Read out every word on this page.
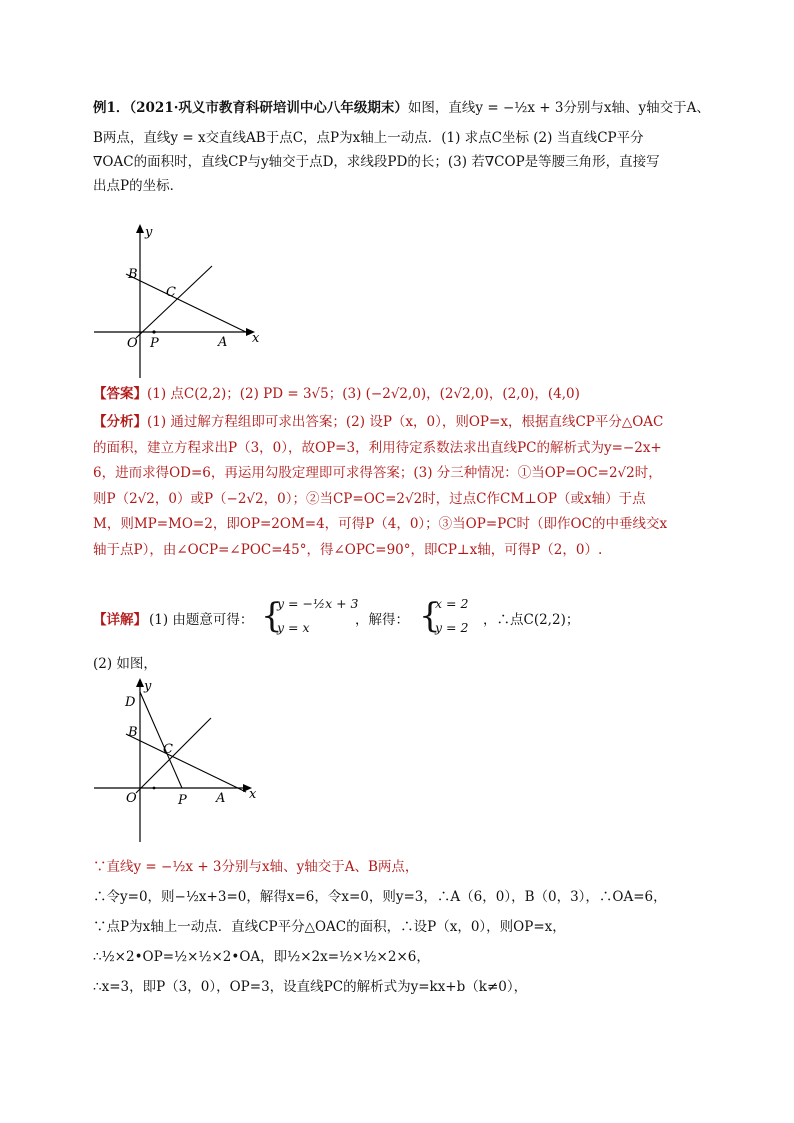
例1．（2021·巩义市教育科研培训中心八年级期末）如图，直线y = −½x + 3分别与x轴、y轴交于A、
B两点，直线y = x交直线AB于点C，点P为x轴上一动点．(1) 求点C坐标 (2) 当直线CP平分
∇OAC的面积时，直线CP与y轴交于点D，求线段PD的长；(3) 若∇COP是等腰三角形，直接写
出点P的坐标．
y
x
B
C
O P	A
【答案】(1) 点C(2,2)；(2) PD = 3√5；(3) (−2√2,0)，(2√2,0)，(2,0)，(4,0)
【分析】(1) 通过解方程组即可求出答案；(2) 设P（x，0），则OP=x，根据直线CP平分△OAC
的面积，建立方程求出P（3，0），故OP=3，利用待定系数法求出直线PC的解析式为y=−2x+
6，进而求得OD=6，再运用勾股定理即可求得答案；(3) 分三种情况：①当OP=OC=2√2时，
则P（2√2，0）或P（−2√2，0）；②当CP=OC=2√2时，过点C作CM⊥OP（或x轴）于点
M，则MP=MO=2，即OP=2OM=4，可得P（4，0）；③当OP=PC时（即作OC的中垂线交x
轴于点P），由∠OCP=∠POC=45°，得∠OPC=90°，即CP⊥x轴，可得P（2，0）.
【详解】 (1) 由题意可得： {
y = −½x + 3
y = x	，解得： {
x = 2
y = 2 ，∴点C(2,2)；
(2) 如图，
y
x
D
B
C
O	P A
∵直线y = −½x + 3分别与x轴、y轴交于A、B两点，
∴令y=0，则−½x+3=0，解得x=6，令x=0，则y=3，∴A（6，0），B（0，3），∴OA=6，
∵点P为x轴上一动点．直线CP平分△OAC的面积，∴设P（x，0），则OP=x，
∴½×2•OP=½×½×2•OA，即½×2x=½×½×2×6，
∴x=3，即P（3，0），OP=3，设直线PC的解析式为y=kx+b（k≠0），
